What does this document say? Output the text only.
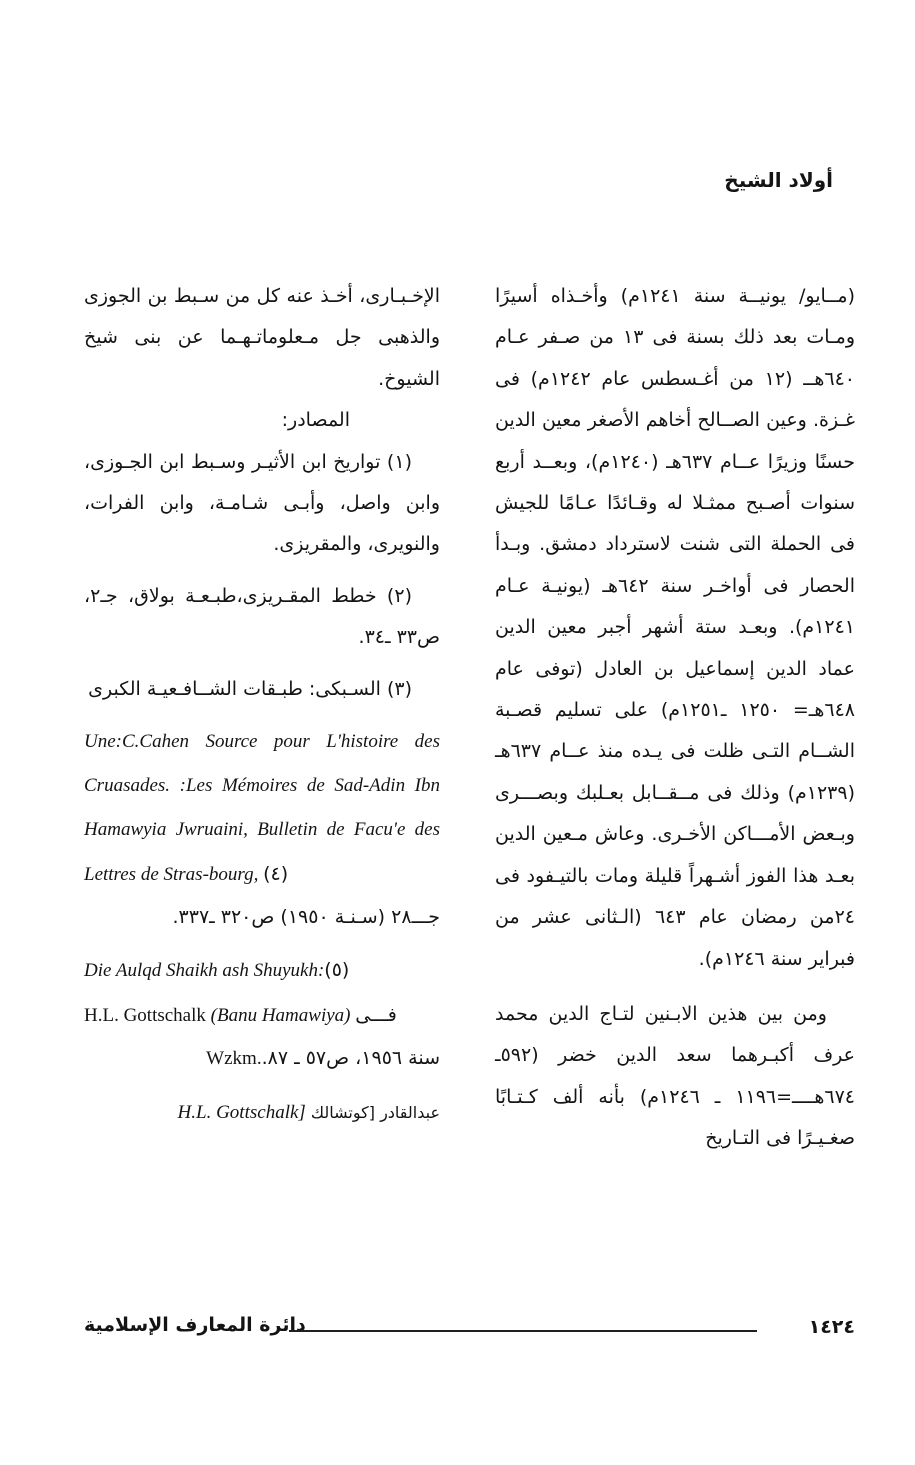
أولاد الشيخ

(مــايو/ يونيــة سنة ١٢٤١م) وأخـذاه أسيرًا ومـات بعد ذلك بسنة فى ١٣ من صـفر عـام ٦٤٠هــ (١٢ من أغـسطس عام ١٢٤٢م) فى غـزة. وعين الصــالح أخاهم الأصغر معين الدين حسنًا وزيرًا عــام ٦٣٧هـ (١٢٤٠م)، وبعــد أربع سنوات أصـبح ممثـلا له وقـائدًا عـامًا للجيش فى الحملة التى شنت لاسترداد دمشق. وبـدأ الحصار فى أواخـر سنة ٦٤٢هـ (يونيـة عـام ١٢٤١م). وبعـد ستة أشهر أجبر معين الدين عماد الدين إسماعيل بن العادل (توفى عام ٦٤٨هـ= ١٢٥٠ ـ١٢٥١م) على تسليم قصـبة الشــام التـى ظلت فى يـده منذ عــام ٦٣٧هـ (١٢٣٩م) وذلك فى مــقــابل بعـلبك وبصـــرى وبـعض الأمـــاكن الأخـرى. وعاش مـعين الدين بعـد هذا الفوز أشـهراً قليلة ومات بالتيـفود فى ٢٤من رمضان عام ٦٤٣ (الـثانى عشر من فبراير سنة ١٢٤٦م).

ومن بين هذين الابـنين لتـاج الدين محمد عرف أكبـرهما سعد الدين خضر (٥٩٢ـ ٦٧٤هــــ=١١٩٦ ـ ١٢٤٦م) بأنه ألف كـتـابًا صغـيـرًا فى التـاريخ

الإخـبـارى، أخـذ عنه كل من سـبط بن الجوزى والذهبى جل مـعلوماتـهـما عن بنى شيخ الشيوخ.

المصادر:

(١) تواريخ ابن الأثيـر وسـبط ابن الجـوزى، وابن واصل، وأبـى شـامـة، وابن الفرات، والنويرى، والمقريزى.

(٢) خطط المقـريزى،طبـعـة بولاق، جـ٢، ص٣٣ ـ٣٤.

(٣) السـبكى: طبـقات الشــافـعيـة الكبرى

Une:C.Cahen Source pour L'histoire des Cruasades. :Les Mémoires de Sad-Adin Ibn Hamawyia Jwruaini, Bulletin de Facu'e des Lettres de Stras-bourg, (٤)

جـــ٢٨ (سـنـة ١٩٥٠) ص٣٢٠ ـ٣٣٧.

Die Aulqd Shaikh ash Shuyukh:(٥)

H.L. Gottschalk (Banu Hamawiya) فـــى

سنة ١٩٥٦، ص٥٧ ـ ٨٧.Wzkm.

عبدالقادر [كوتشالك H.L. Gottschalk]

دائرة المعارف الإسلامية	١٤٢٤
